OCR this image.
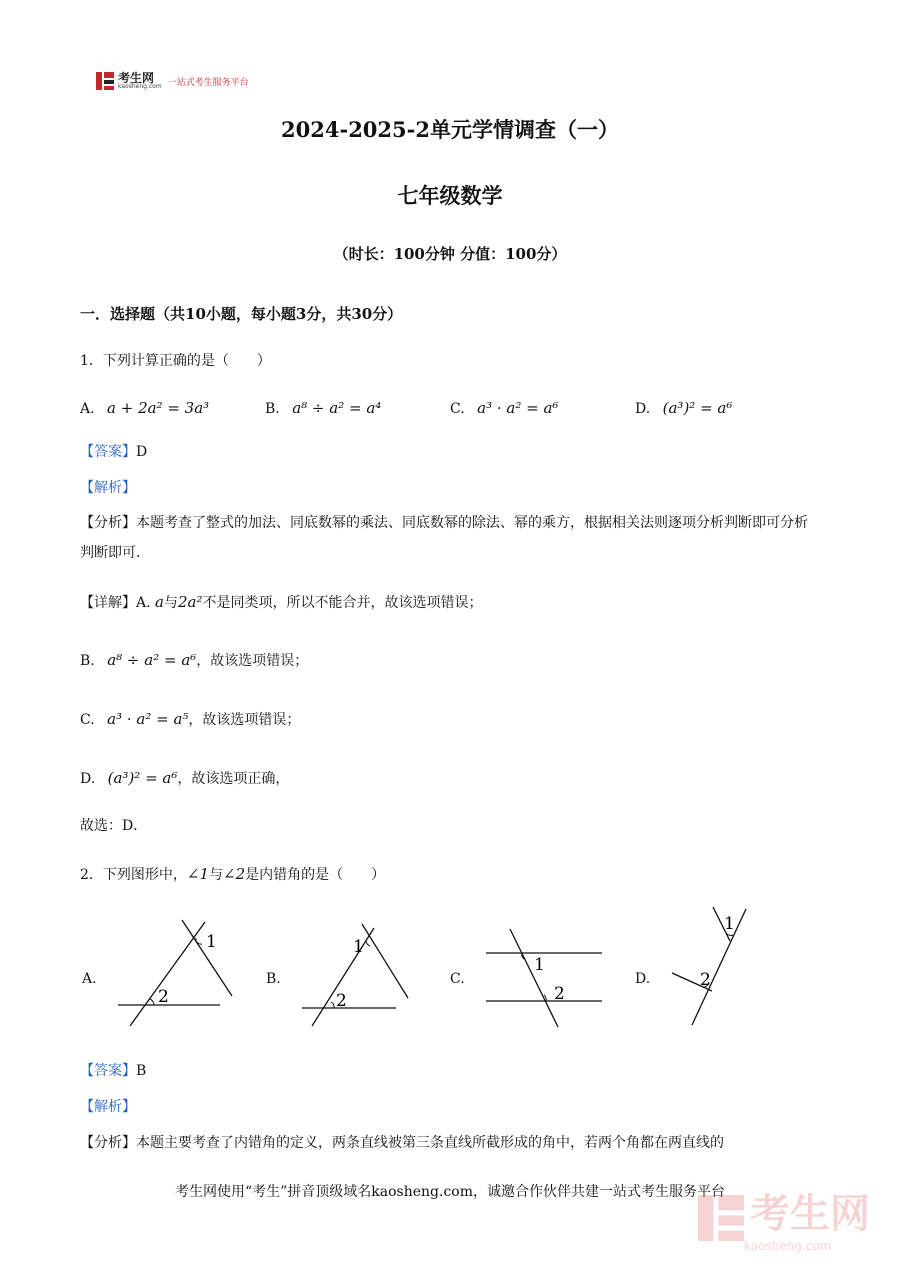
考生网
kaosheng.com 一站式考生服务平台
2024-2025-2单元学情调查（一）
七年级数学
（时长：100分钟 分值：100分）
一．选择题（共10小题，每小题3分，共30分）
1．下列计算正确的是（　　）
A. a + 2a² = 3a³	B. a⁸ ÷ a² = a⁴	C. a³ · a² = a⁶	D. (a³)² = a⁶
【答案】D
【解析】
【分析】本题考查了整式的加法、同底数幂的乘法、同底数幂的除法、幂的乘方，根据相关法则逐项分析判断即可分析判断即可．
【详解】A. a与2a²不是同类项，所以不能合并，故该选项错误；
B. a⁸ ÷ a² = a⁶，故该选项错误；
C. a³ · a² = a⁵，故该选项错误；
D. (a³)² = a⁶，故该选项正确，
故选：D．
2．下列图形中，∠1与∠2是内错角的是（　　）
A.	B.	C.	D.
1
2
1
2
1
2
1
2
【答案】B
【解析】
【分析】本题主要考查了内错角的定义，两条直线被第三条直线所截形成的角中，若两个角都在两直线的
考生网使用“考生”拼音顶级域名kaosheng.com，诚邀合作伙伴共建一站式考生服务平台 考生网
kaosheng.com
